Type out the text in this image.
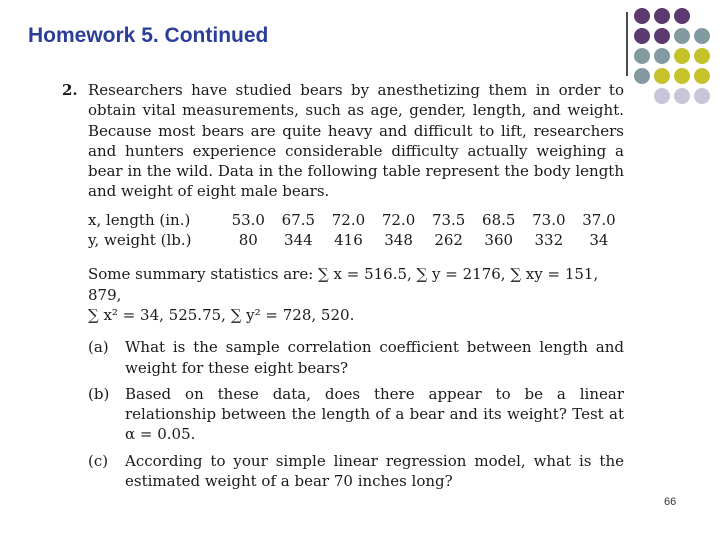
Homework 5. Continued
2. Researchers have studied bears by anesthetizing them in order to obtain vital measurements, such as age, gender, length, and weight. Because most bears are quite heavy and difficult to lift, researchers and hunters experience considerable difficulty actually weighing a bear in the wild. Data in the following table represent the body length and weight of eight male bears.
x, length (in.)	53.0	67.5	72.0	72.0	73.5	68.5	73.0	37.0
y, weight (lb.)	80	344	416	348	262	360	332	34
Some summary statistics are: ∑ x = 516.5, ∑ y = 2176, ∑ xy = 151, 879,
∑ x² = 34, 525.75, ∑ y² = 728, 520.
(a)	What is the sample correlation coefficient between length and weight for these eight bears?
(b)	Based on these data, does there appear to be a linear relationship between the length of a bear and its weight? Test at α = 0.05.
(c)	According to your simple linear regression model, what is the estimated weight of a bear 70 inches long?
66
